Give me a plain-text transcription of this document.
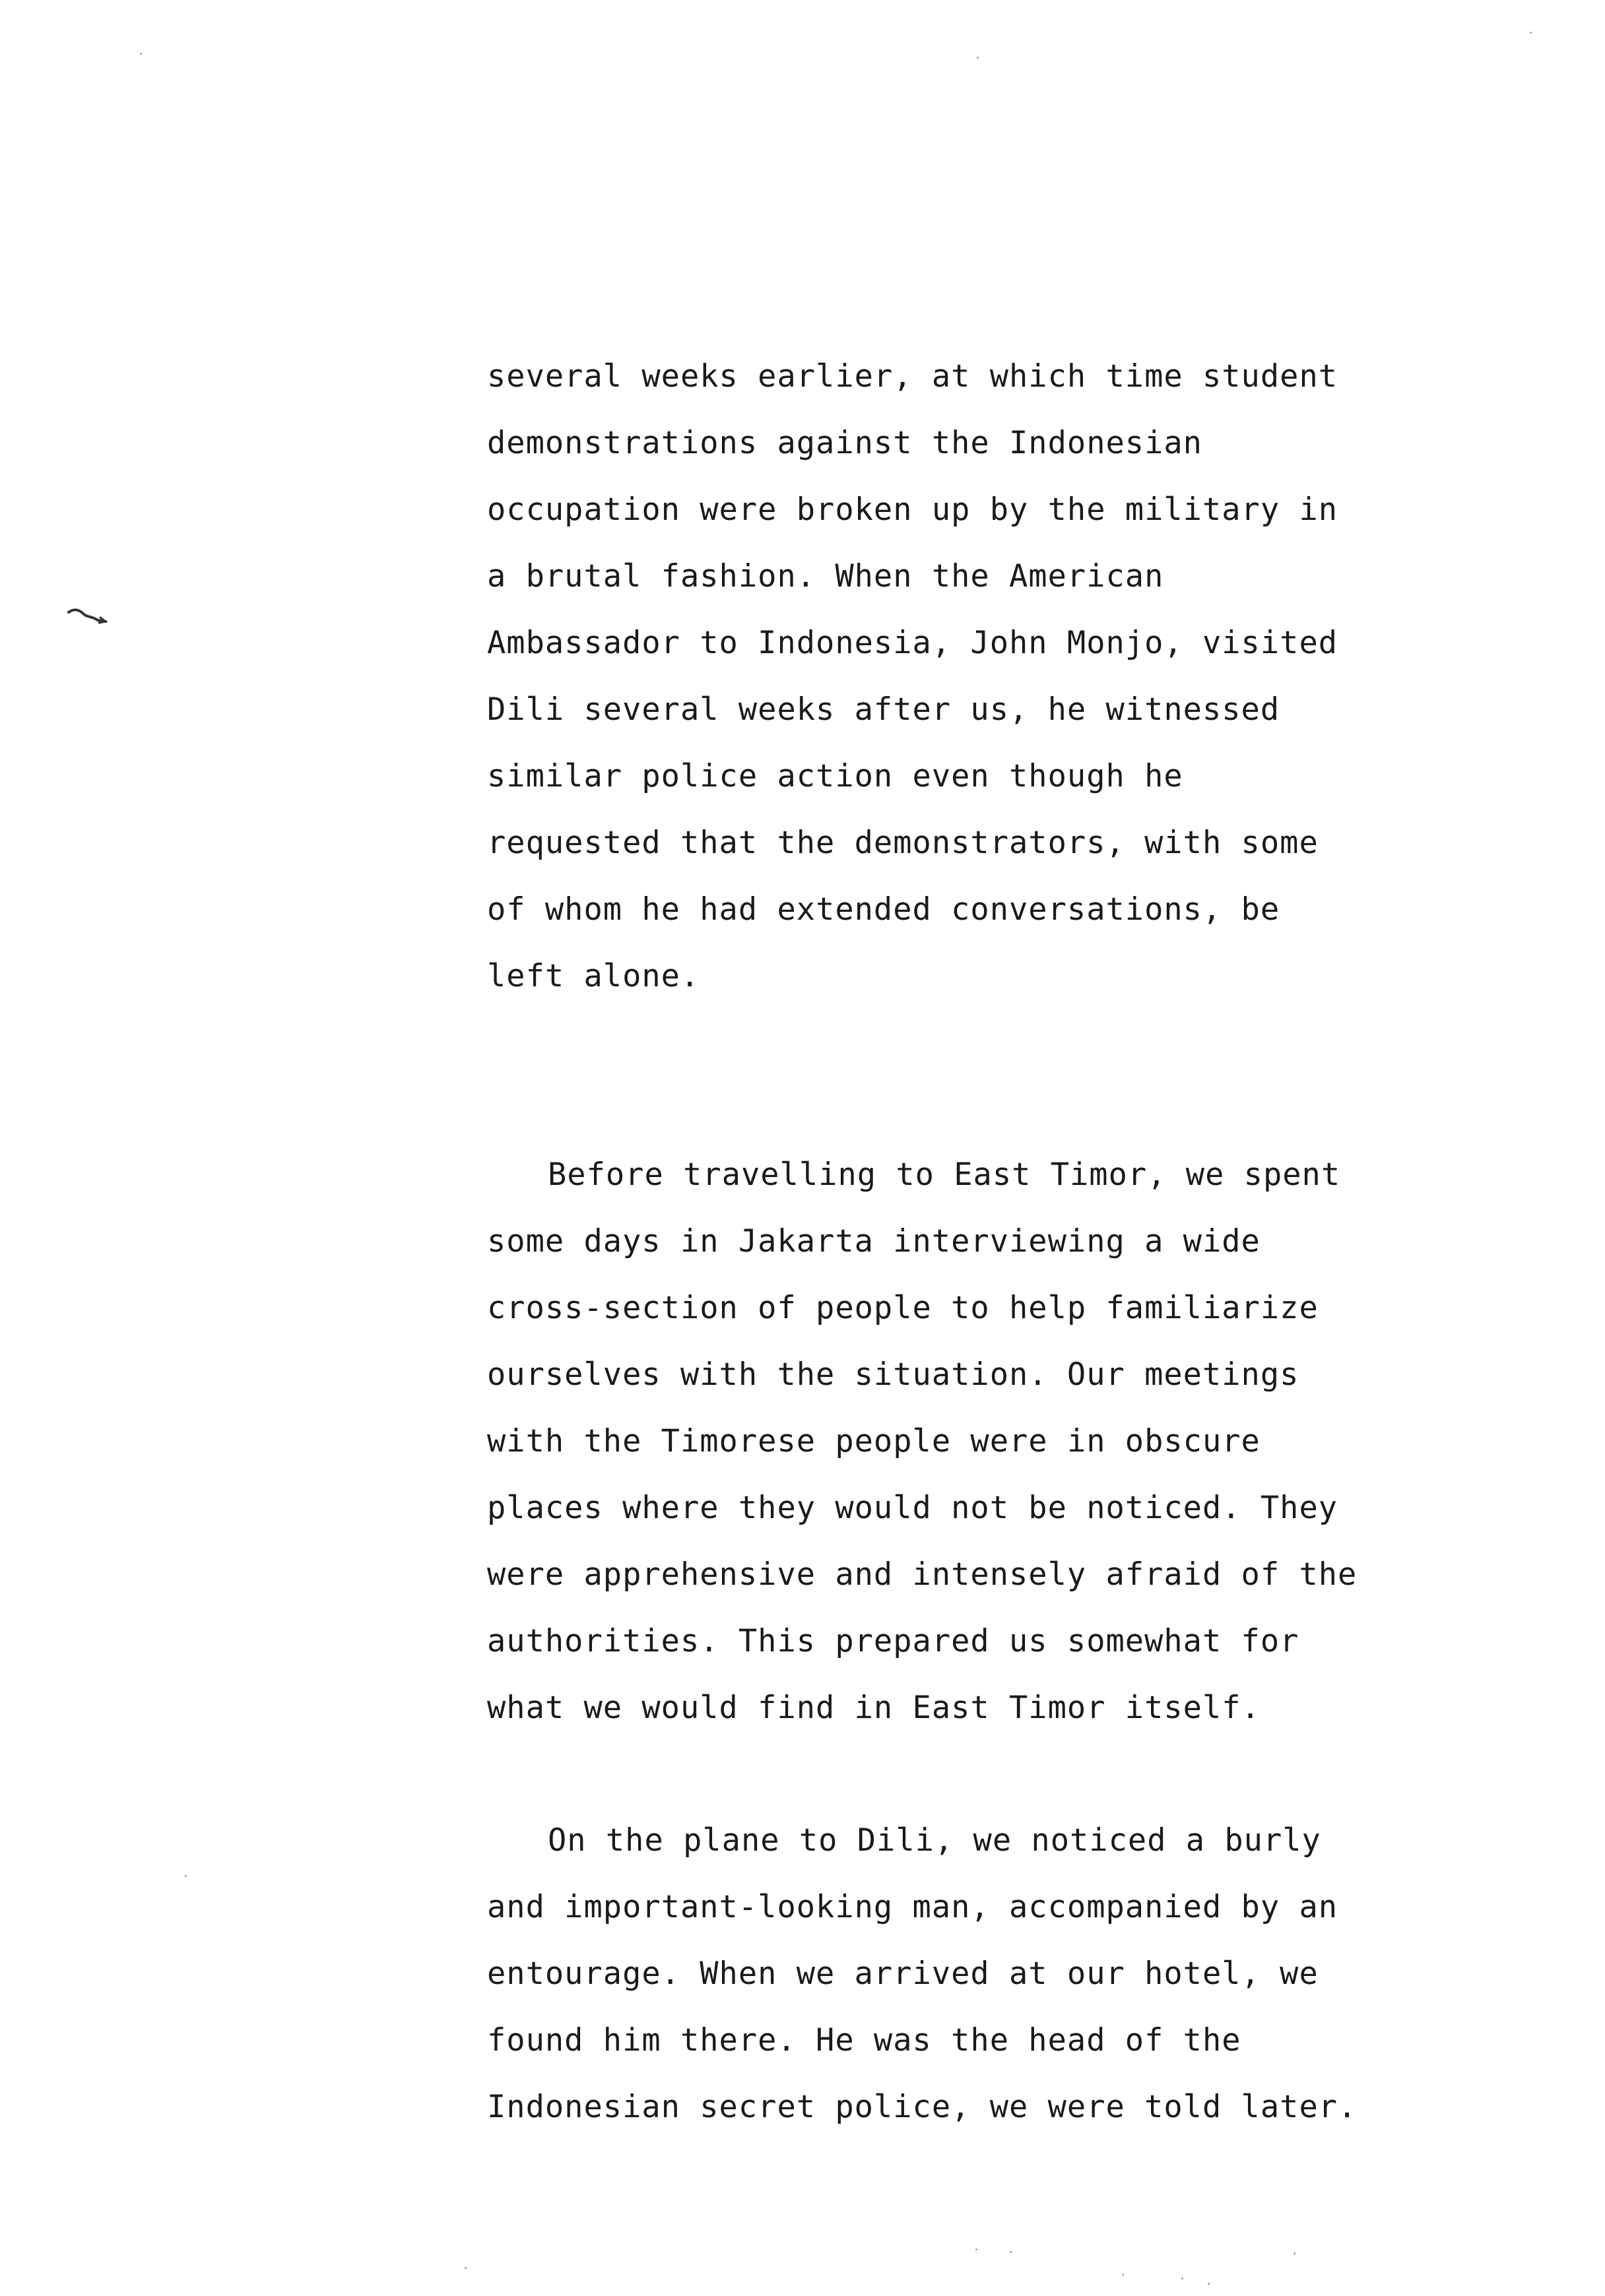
several weeks earlier, at which time student
demonstrations against the Indonesian
occupation were broken up by the military in
a brutal fashion. When the American
Ambassador to Indonesia, John Monjo, visited
Dili several weeks after us, he witnessed
similar police action even though he
requested that the demonstrators, with some
of whom he had extended conversations, be
left alone.
Before travelling to East Timor, we spent
some days in Jakarta interviewing a wide
cross-section of people to help familiarize
ourselves with the situation. Our meetings
with the Timorese people were in obscure
places where they would not be noticed. They
were apprehensive and intensely afraid of the
authorities. This prepared us somewhat for
what we would find in East Timor itself.
On the plane to Dili, we noticed a burly
and important-looking man, accompanied by an
entourage. When we arrived at our hotel, we
found him there. He was the head of the
Indonesian secret police, we were told later.
